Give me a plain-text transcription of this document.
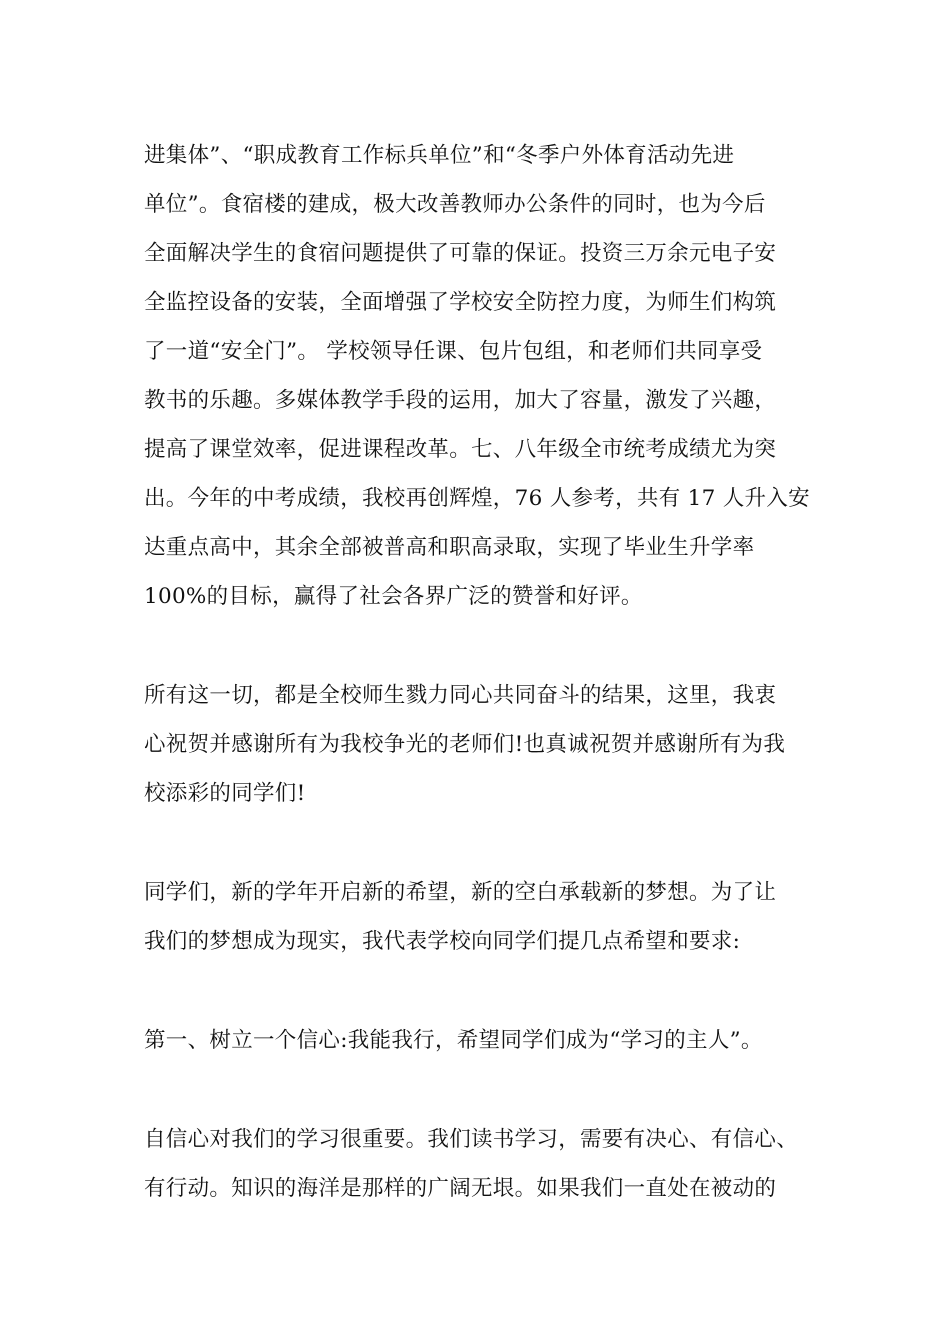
进集体”、“职成教育工作标兵单位”和“冬季户外体育活动先进
单位”。食宿楼的建成，极大改善教师办公条件的同时，也为今后
全面解决学生的食宿问题提供了可靠的保证。投资三万余元电子安
全监控设备的安装，全面增强了学校安全防控力度，为师生们构筑
了一道“安全门”。 学校领导任课、包片包组，和老师们共同享受
教书的乐趣。多媒体教学手段的运用，加大了容量，激发了兴趣，
提高了课堂效率，促进课程改革。七、八年级全市统考成绩尤为突
出。今年的中考成绩，我校再创辉煌，76 人参考，共有 17 人升入安
达重点高中，其余全部被普高和职高录取，实现了毕业生升学率
100%的目标，赢得了社会各界广泛的赞誉和好评。
所有这一切，都是全校师生戮力同心共同奋斗的结果，这里，我衷
心祝贺并感谢所有为我校争光的老师们!也真诚祝贺并感谢所有为我
校添彩的同学们!
同学们，新的学年开启新的希望，新的空白承载新的梦想。为了让
我们的梦想成为现实，我代表学校向同学们提几点希望和要求:
第一、树立一个信心:我能我行，希望同学们成为“学习的主人”。
自信心对我们的学习很重要。我们读书学习，需要有决心、有信心、
有行动。知识的海洋是那样的广阔无垠。如果我们一直处在被动的
